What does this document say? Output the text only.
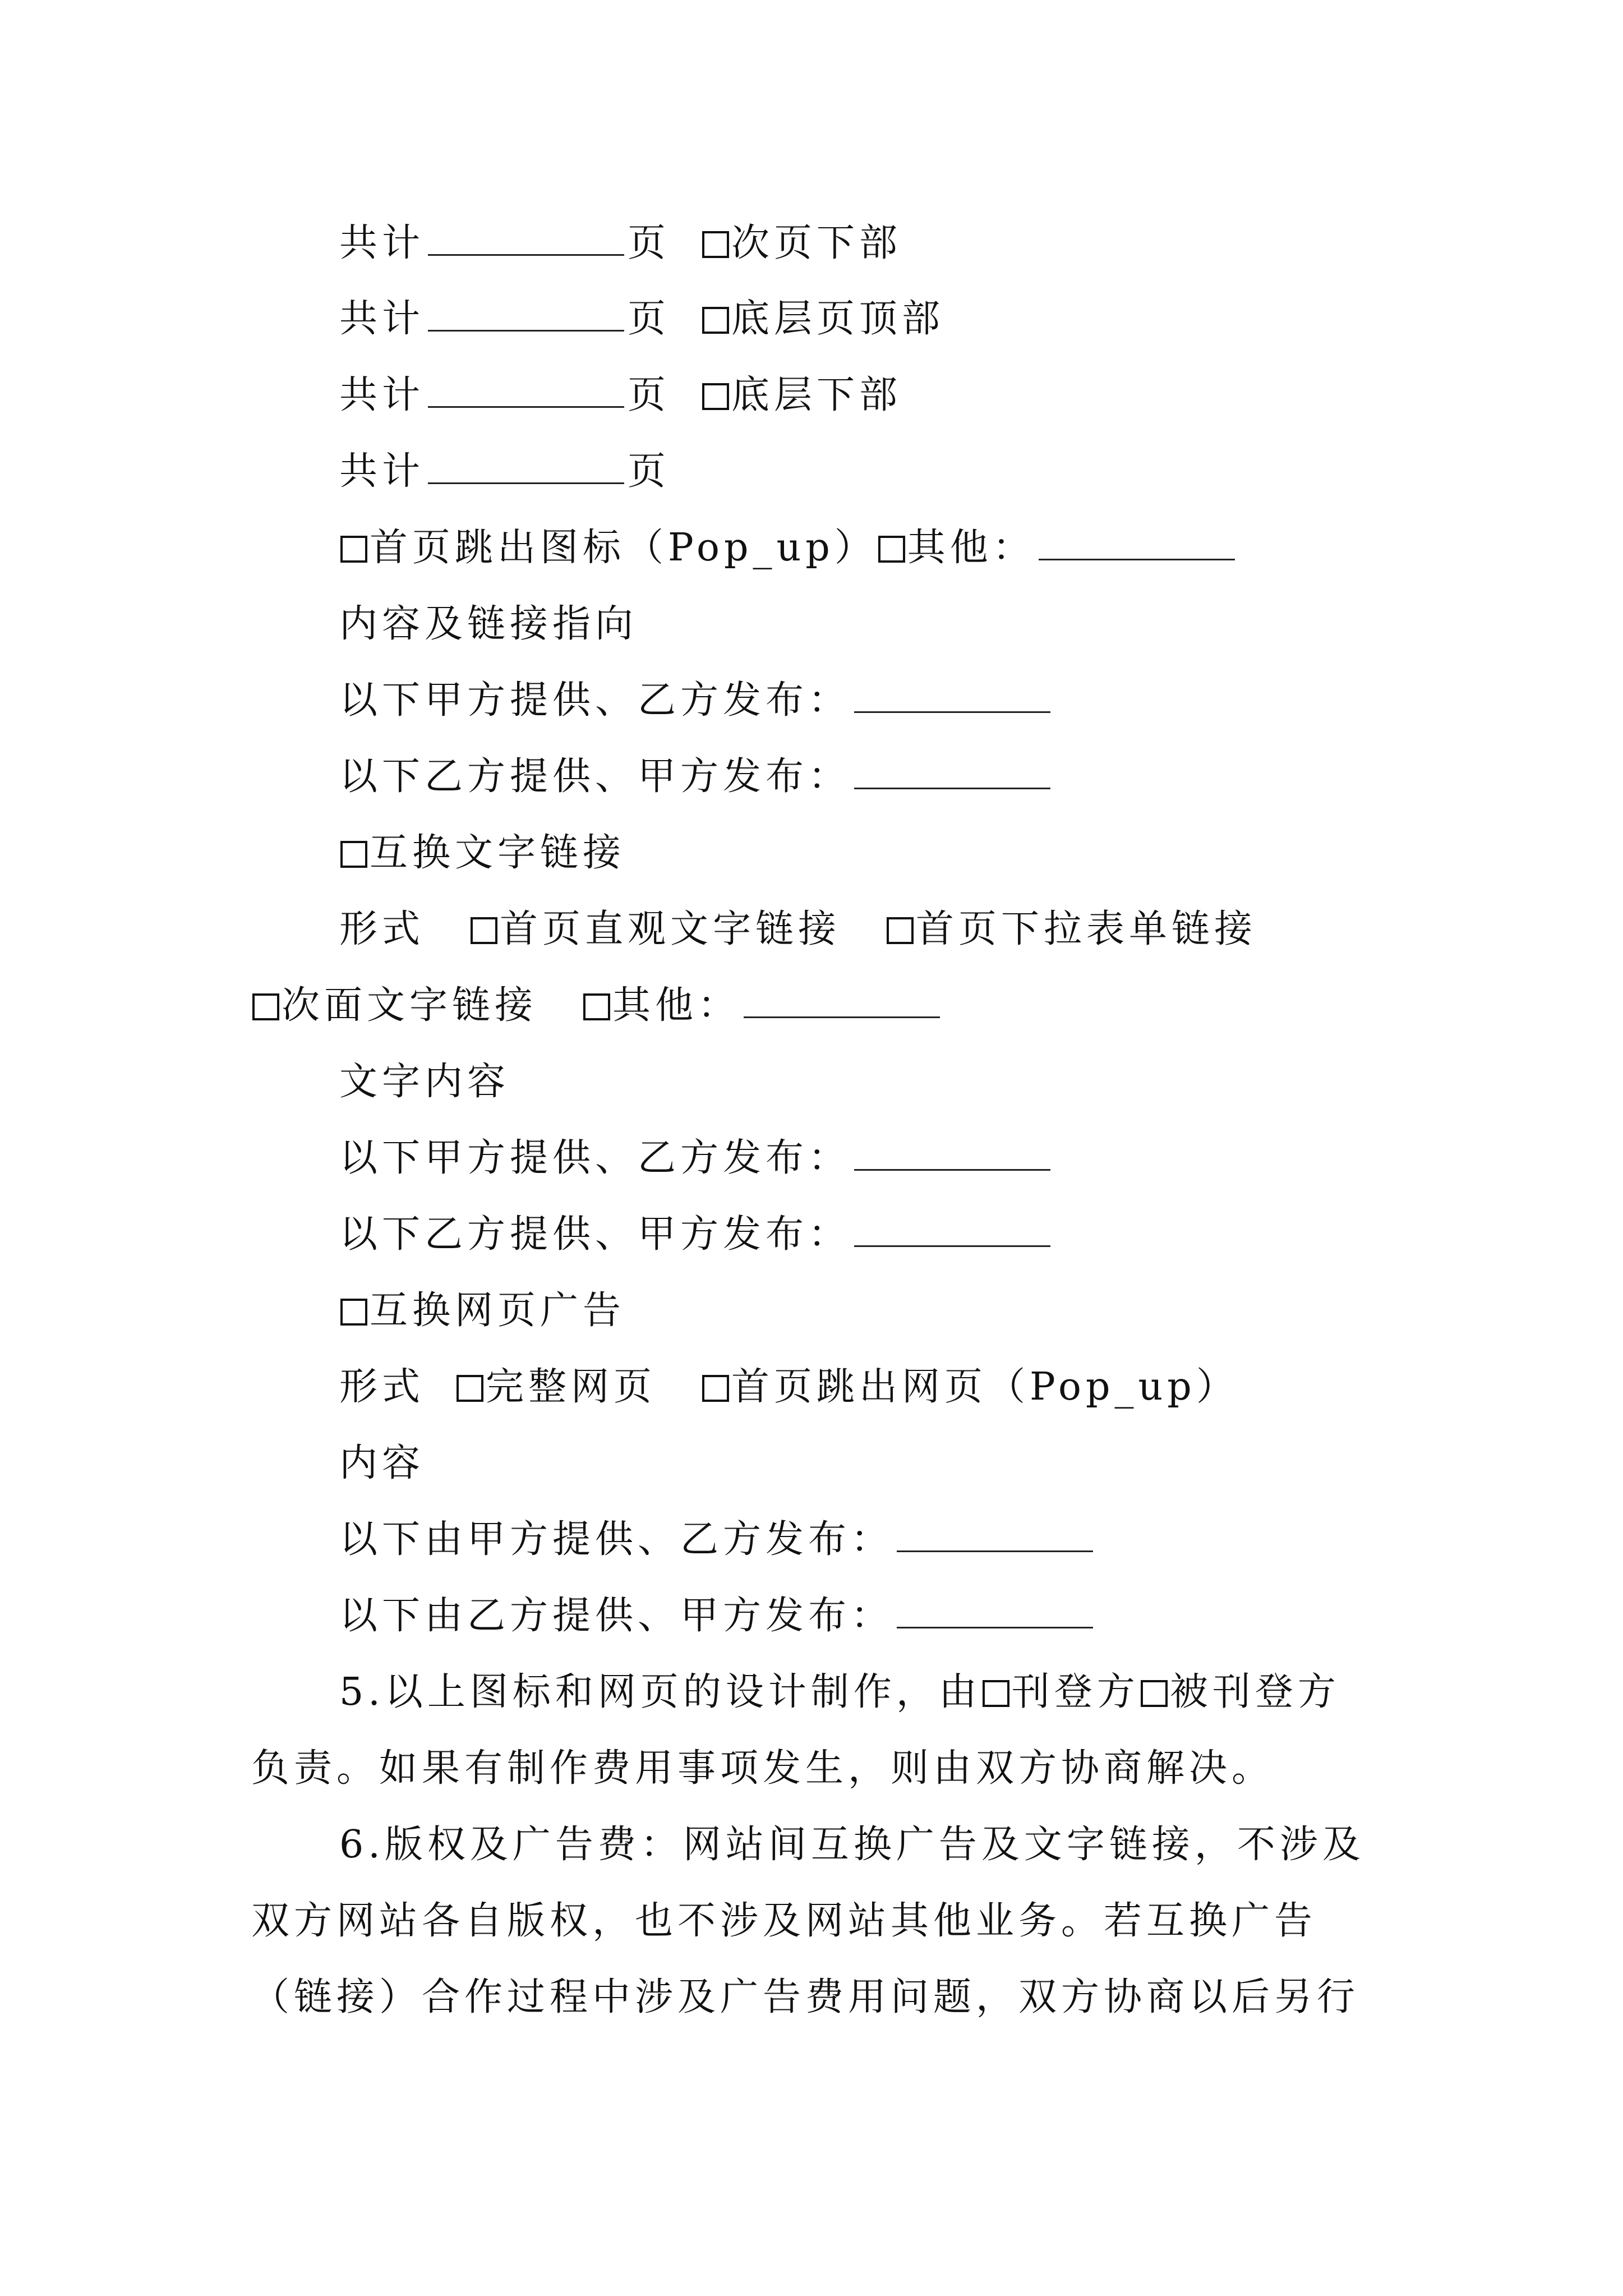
共计	页 次页下部
共计	页 底层页顶部
共计	页 底层下部
共计	页
首页跳出图标（Pop_up） 其他：
内容及链接指向
以下甲方提供、乙方发布：
以下乙方提供、甲方发布：
互换文字链接
形式 首页直观文字链接 首页下拉表单链接
次面文字链接 其他：
文字内容
以下甲方提供、乙方发布：
以下乙方提供、甲方发布：
互换网页广告
形式 完整网页 首页跳出网页（Pop_up）
内容
以下由甲方提供、乙方发布：
以下由乙方提供、甲方发布：
5.以上图标和网页的设计制作，由 刊登方 被刊登方
负责。如果有制作费用事项发生，则由双方协商解决。
6.版权及广告费：网站间互换广告及文字链接，不涉及
双方网站各自版权，也不涉及网站其他业务。若互换广告
（链接）合作过程中涉及广告费用问题，双方协商以后另行
